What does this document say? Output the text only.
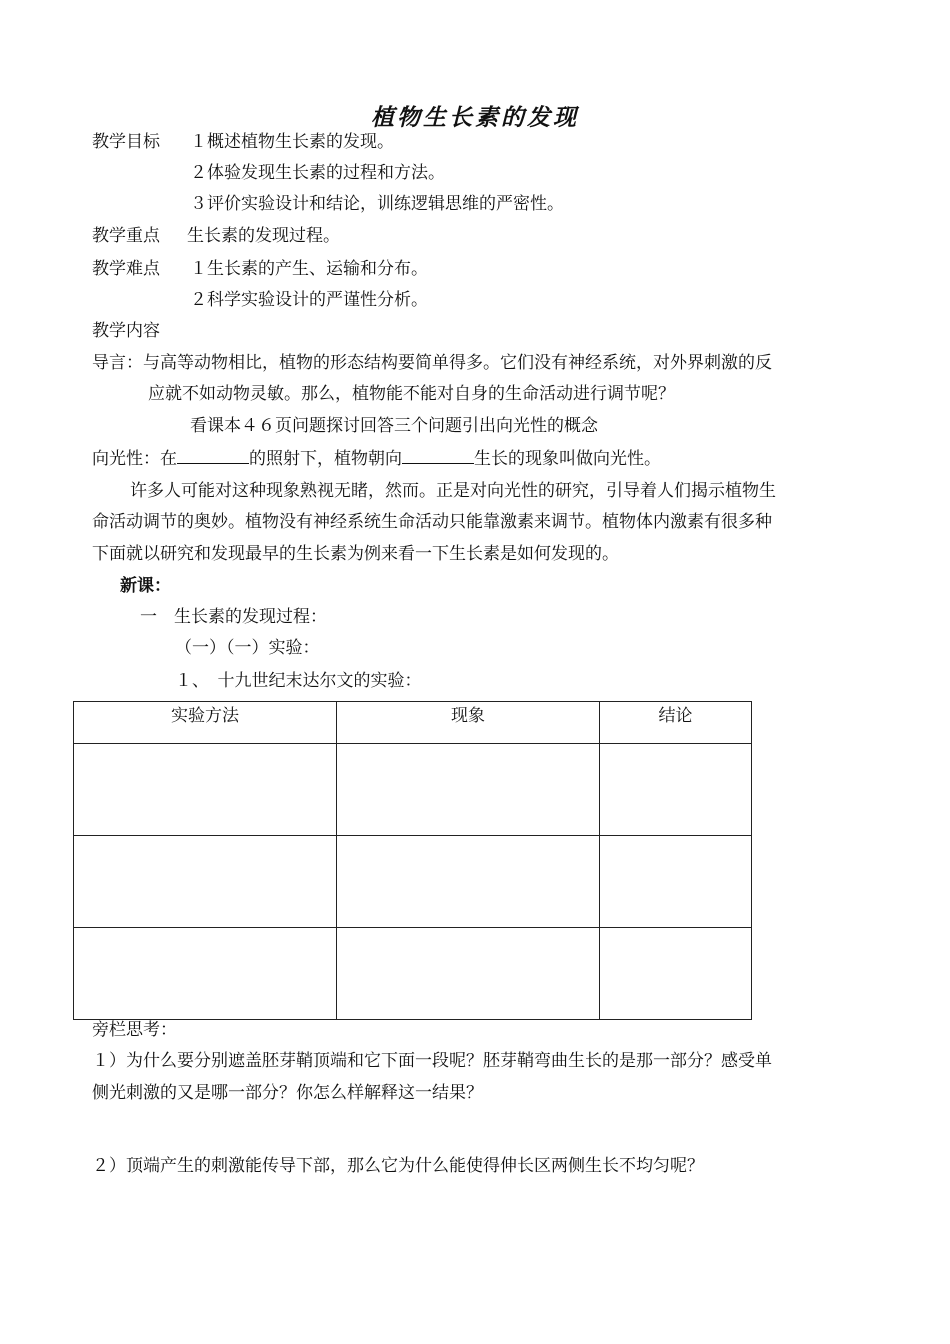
植物生长素的发现
教学目标 １概述植物生长素的发现。
２体验发现生长素的过程和方法。
３评价实验设计和结论，训练逻辑思维的严密性。
教学重点 生长素的发现过程。
教学难点 １生长素的产生、运输和分布。
２科学实验设计的严谨性分析。
教学内容
导言：与高等动物相比，植物的形态结构要简单得多。它们没有神经系统，对外界刺激的反
应就不如动物灵敏。那么，植物能不能对自身的生命活动进行调节呢？
看课本４６页问题探讨回答三个问题引出向光性的概念
向光性：在	的照射下，植物朝向	生长的现象叫做向光性。
许多人可能对这种现象熟视无睹，然而。正是对向光性的研究，引导着人们揭示植物生
命活动调节的奥妙。植物没有神经系统生命活动只能靠激素来调节。植物体内激素有很多种
下面就以研究和发现最早的生长素为例来看一下生长素是如何发现的。
新课：
一　生长素的发现过程：
（一）（一）实验：
１、　十九世纪末达尔文的实验：
实验方法	现象	结论

旁栏思考：
１）为什么要分别遮盖胚芽鞘顶端和它下面一段呢？胚芽鞘弯曲生长的是那一部分？感受单
侧光刺激的又是哪一部分？你怎么样解释这一结果？
２）顶端产生的刺激能传导下部，那么它为什么能使得伸长区两侧生长不均匀呢？
